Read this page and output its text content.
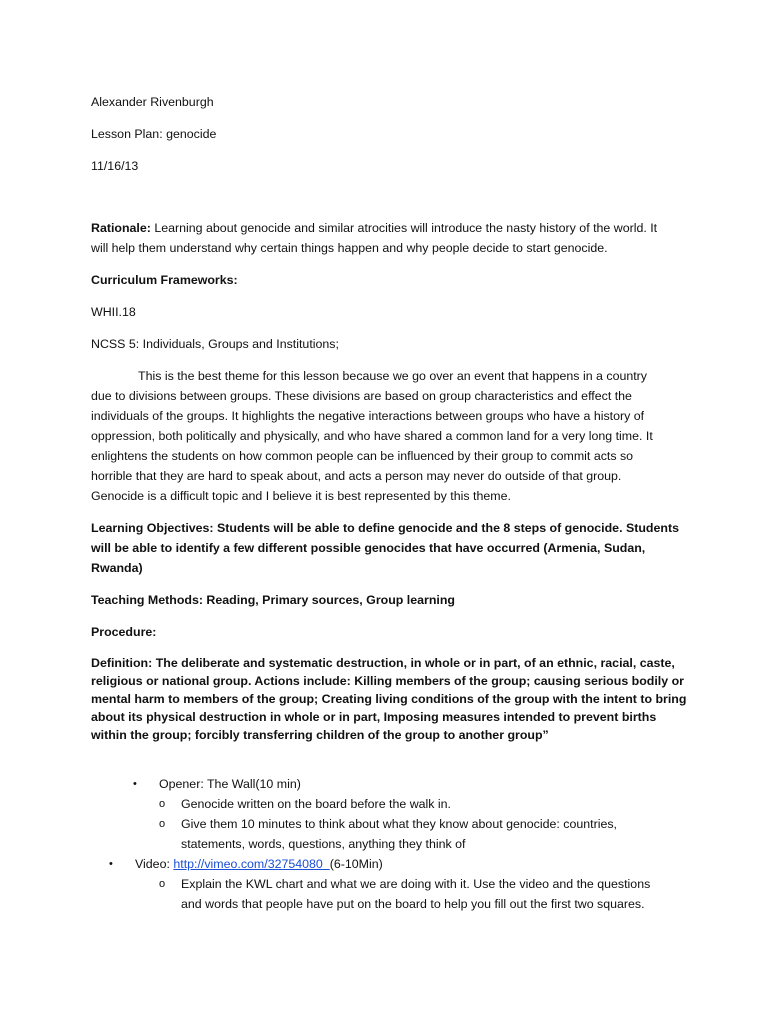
Alexander Rivenburgh

Lesson Plan: genocide

11/16/13

Rationale: Learning about genocide and similar atrocities will introduce the nasty history of the world. It

will help them understand why certain things happen and why people decide to start genocide.

Curriculum Frameworks:

WHII.18

NCSS 5: Individuals, Groups and Institutions;

This is the best theme for this lesson because we go over an event that happens in a country

due to divisions between groups. These divisions are based on group characteristics and effect the

individuals of the groups. It highlights the negative interactions between groups who have a history of

oppression, both politically and physically, and who have shared a common land for a very long time. It

enlightens the students on how common people can be influenced by their group to commit acts so

horrible that they are hard to speak about, and acts a person may never do outside of that group.

Genocide is a difficult topic and I believe it is best represented by this theme.

Learning Objectives: Students will be able to define genocide and the 8 steps of genocide. Students

will be able to identify a few different possible genocides that have occurred (Armenia, Sudan,

Rwanda)

Teaching Methods: Reading, Primary sources, Group learning

Procedure:

Definition: The deliberate and systematic destruction, in whole or in part, of an ethnic, racial, caste,

religious or national group. Actions include: Killing members of the group; causing serious bodily or

mental harm to members of the group; Creating living conditions of the group with the intent to bring

about its physical destruction in whole or in part, Imposing measures intended to prevent births

within the group; forcibly transferring children of the group to another group”

• Opener: The Wall(10 min)
o Genocide written on the board before the walk in.
o Give them 10 minutes to think about what they know about genocide: countries,
statements, words, questions, anything they think of
• Video: http://vimeo.com/32754080 (6-10Min)
o Explain the KWL chart and what we are doing with it. Use the video and the questions
and words that people have put on the board to help you fill out the first two squares.
